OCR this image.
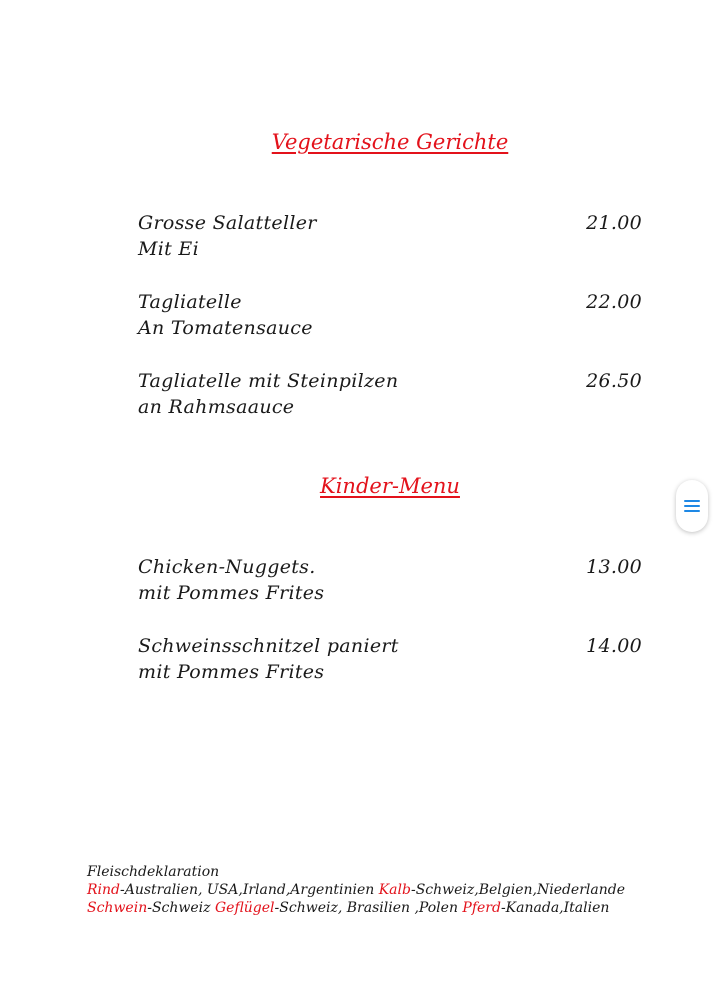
Vegetarische Gerichte
Grosse Salatteller	21.00
Mit Ei
Tagliatelle	22.00
An Tomatensauce
Tagliatelle mit Steinpilzen	26.50
an Rahmsaauce
Kinder-Menu
Chicken-Nuggets.	13.00
mit Pommes Frites
Schweinsschnitzel paniert	14.00
mit Pommes Frites
Fleischdeklaration
Rind-Australien, USA,Irland,Argentinien Kalb-Schweiz,Belgien,Niederlande
Schwein-Schweiz Geflügel-Schweiz, Brasilien ,Polen Pferd-Kanada,Italien
